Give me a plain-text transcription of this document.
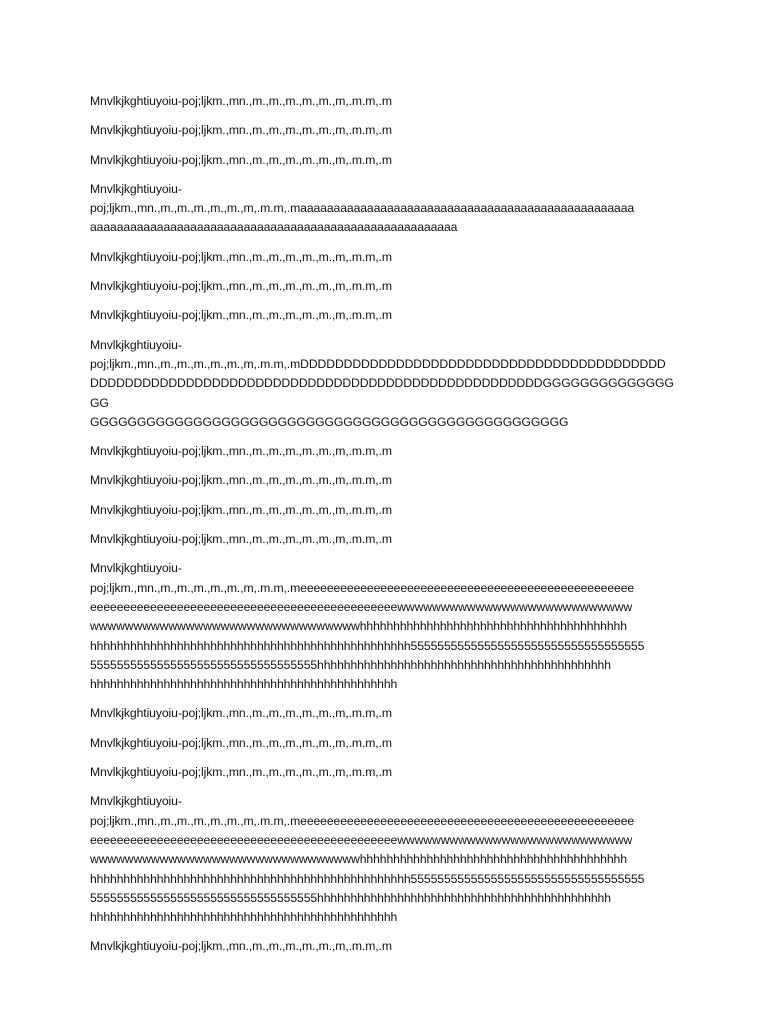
Mnvlkjkghtiuyoiu-poj;ljkm.,mn.,m.,m.,m.,m.,m.,m,.m.m,.m

Mnvlkjkghtiuyoiu-poj;ljkm.,mn.,m.,m.,m.,m.,m.,m,.m.m,.m

Mnvlkjkghtiuyoiu-poj;ljkm.,mn.,m.,m.,m.,m.,m.,m,.m.m,.m

Mnvlkjkghtiuyoiu-
poj;ljkm.,mn.,m.,m.,m.,m.,m.,m,.m.m,.maaaaaaaaaaaaaaaaaaaaaaaaaaaaaaaaaaaaaaaaaaaaaaaaaa
aaaaaaaaaaaaaaaaaaaaaaaaaaaaaaaaaaaaaaaaaaaaaaaaaaaaaaa

Mnvlkjkghtiuyoiu-poj;ljkm.,mn.,m.,m.,m.,m.,m.,m,.m.m,.m

Mnvlkjkghtiuyoiu-poj;ljkm.,mn.,m.,m.,m.,m.,m.,m,.m.m,.m

Mnvlkjkghtiuyoiu-poj;ljkm.,mn.,m.,m.,m.,m.,m.,m,.m.m,.m

Mnvlkjkghtiuyoiu-
poj;ljkm.,mn.,m.,m.,m.,m.,m.,m,.m.m,.mDDDDDDDDDDDDDDDDDDDDDDDDDDDDDDDDDDDDDDDDDD
DDDDDDDDDDDDDDDDDDDDDDDDDDDDDDDDDDDDDDDDDDDDDDDDDDDDGGGGGGGGGGGGGGGG
GGGGGGGGGGGGGGGGGGGGGGGGGGGGGGGGGGGGGGGGGGGGGGGGGGG

Mnvlkjkghtiuyoiu-poj;ljkm.,mn.,m.,m.,m.,m.,m.,m,.m.m,.m

Mnvlkjkghtiuyoiu-poj;ljkm.,mn.,m.,m.,m.,m.,m.,m,.m.m,.m

Mnvlkjkghtiuyoiu-poj;ljkm.,mn.,m.,m.,m.,m.,m.,m,.m.m,.m

Mnvlkjkghtiuyoiu-poj;ljkm.,mn.,m.,m.,m.,m.,m.,m,.m.m,.m

Mnvlkjkghtiuyoiu-
poj;ljkm.,mn.,m.,m.,m.,m.,m.,m,.m.m,.meeeeeeeeeeeeeeeeeeeeeeeeeeeeeeeeeeeeeeeeeeeeeeeeee
eeeeeeeeeeeeeeeeeeeeeeeeeeeeeeeeeeeeeeeeeeeeeewwwwwwwwwwwwwwwwwwwwwwwwwww
wwwwwwwwwwwwwwwwwwwwwwwwwwwwwwwhhhhhhhhhhhhhhhhhhhhhhhhhhhhhhhhhhhhhhhh
hhhhhhhhhhhhhhhhhhhhhhhhhhhhhhhhhhhhhhhhhhhhhhhh55555555555555555555555555555555555
5555555555555555555555555555555555hhhhhhhhhhhhhhhhhhhhhhhhhhhhhhhhhhhhhhhhhhhh
hhhhhhhhhhhhhhhhhhhhhhhhhhhhhhhhhhhhhhhhhhhhhh

Mnvlkjkghtiuyoiu-poj;ljkm.,mn.,m.,m.,m.,m.,m.,m,.m.m,.m

Mnvlkjkghtiuyoiu-poj;ljkm.,mn.,m.,m.,m.,m.,m.,m,.m.m,.m

Mnvlkjkghtiuyoiu-poj;ljkm.,mn.,m.,m.,m.,m.,m.,m,.m.m,.m

Mnvlkjkghtiuyoiu-
poj;ljkm.,mn.,m.,m.,m.,m.,m.,m,.m.m,.meeeeeeeeeeeeeeeeeeeeeeeeeeeeeeeeeeeeeeeeeeeeeeeeee
eeeeeeeeeeeeeeeeeeeeeeeeeeeeeeeeeeeeeeeeeeeeeewwwwwwwwwwwwwwwwwwwwwwwwwww
wwwwwwwwwwwwwwwwwwwwwwwwwwwwwwwhhhhhhhhhhhhhhhhhhhhhhhhhhhhhhhhhhhhhhhh
hhhhhhhhhhhhhhhhhhhhhhhhhhhhhhhhhhhhhhhhhhhhhhhh55555555555555555555555555555555555
5555555555555555555555555555555555hhhhhhhhhhhhhhhhhhhhhhhhhhhhhhhhhhhhhhhhhhhh
hhhhhhhhhhhhhhhhhhhhhhhhhhhhhhhhhhhhhhhhhhhhhh

Mnvlkjkghtiuyoiu-poj;ljkm.,mn.,m.,m.,m.,m.,m.,m,.m.m,.m
